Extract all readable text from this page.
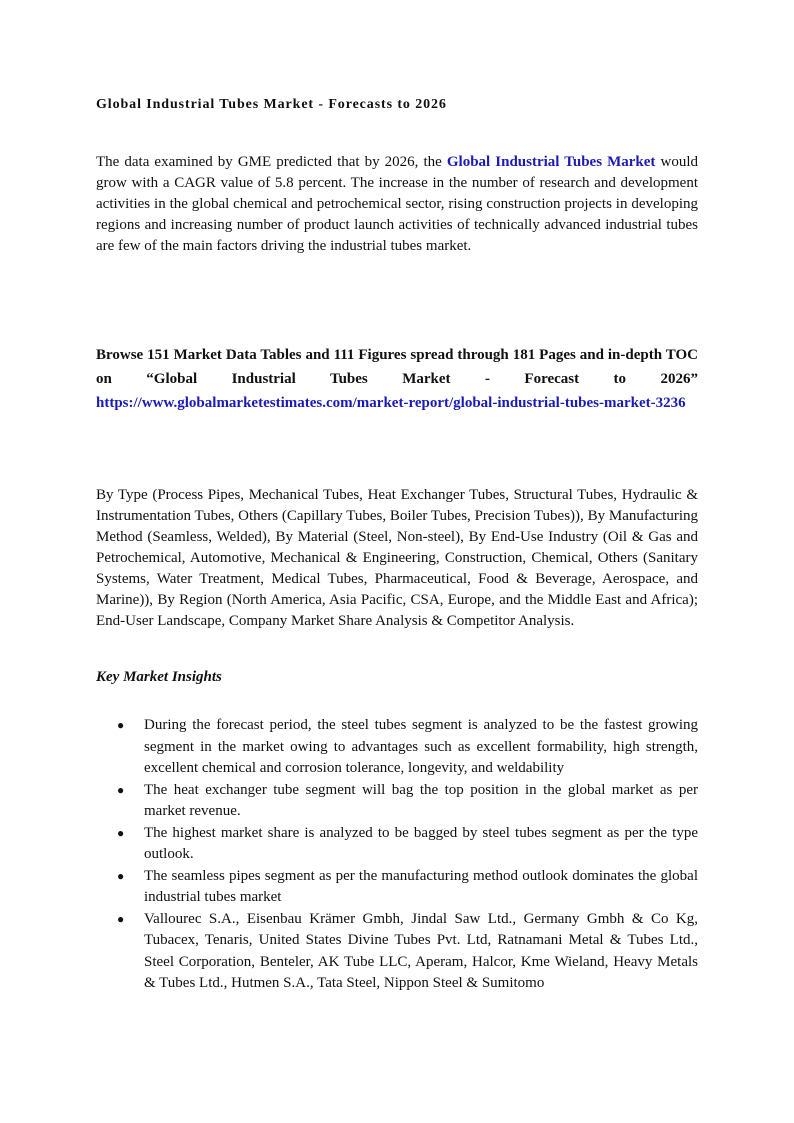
Global Industrial Tubes Market - Forecasts to 2026

The data examined by GME predicted that by 2026, the Global Industrial Tubes Market would grow with a CAGR value of 5.8 percent. The increase in the number of research and development activities in the global chemical and petrochemical sector, rising construction projects in developing regions and increasing number of product launch activities of technically advanced industrial tubes are few of the main factors driving the industrial tubes market.

Browse 151 Market Data Tables and 111 Figures spread through 181 Pages and in-depth TOC on “Global Industrial Tubes Market - Forecast to 2026” https://www.globalmarketestimates.com/market-report/global-industrial-tubes-market-3236

By Type (Process Pipes, Mechanical Tubes, Heat Exchanger Tubes, Structural Tubes, Hydraulic & Instrumentation Tubes, Others (Capillary Tubes, Boiler Tubes, Precision Tubes)), By Manufacturing Method (Seamless, Welded), By Material (Steel, Non-steel), By End-Use Industry (Oil & Gas and Petrochemical, Automotive, Mechanical & Engineering, Construction, Chemical, Others (Sanitary Systems, Water Treatment, Medical Tubes, Pharmaceutical, Food & Beverage, Aerospace, and Marine)), By Region (North America, Asia Pacific, CSA, Europe, and the Middle East and Africa); End-User Landscape, Company Market Share Analysis & Competitor Analysis.

Key Market Insights
● During the forecast period, the steel tubes segment is analyzed to be the fastest growing segment in the market owing to advantages such as excellent formability, high strength, excellent chemical and corrosion tolerance, longevity, and weldability
● The heat exchanger tube segment will bag the top position in the global market as per market revenue.
● The highest market share is analyzed to be bagged by steel tubes segment as per the type outlook.
● The seamless pipes segment as per the manufacturing method outlook dominates the global industrial tubes market
● Vallourec S.A., Eisenbau Krämer Gmbh, Jindal Saw Ltd., Germany Gmbh & Co Kg, Tubacex, Tenaris, United States Divine Tubes Pvt. Ltd, Ratnamani Metal & Tubes Ltd., Steel Corporation, Benteler, AK Tube LLC, Aperam, Halcor, Kme Wieland, Heavy Metals & Tubes Ltd., Hutmen S.A., Tata Steel, Nippon Steel & Sumitomo
